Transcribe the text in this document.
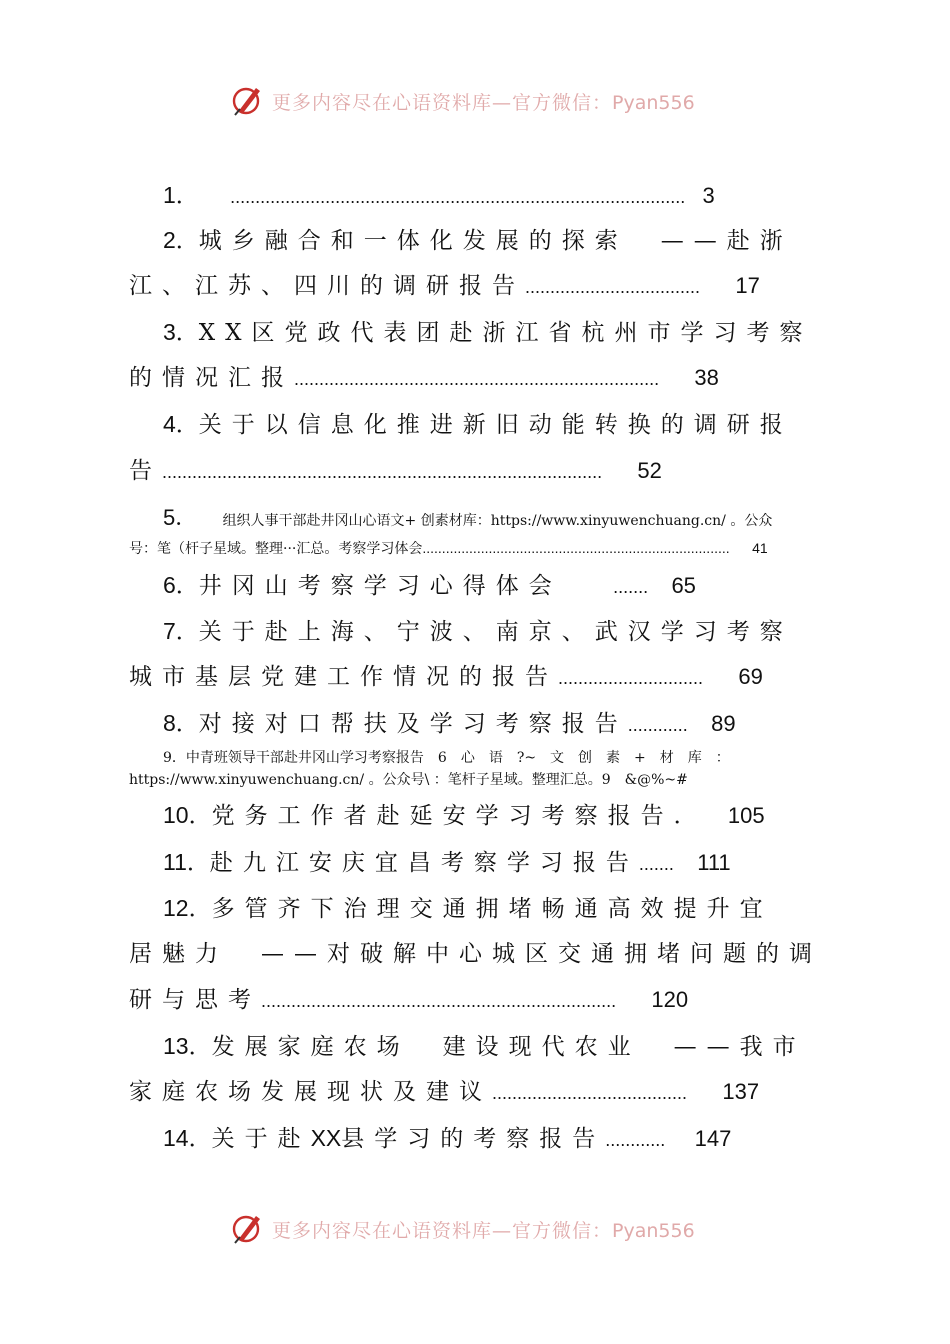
更多内容尽在心语资料库—官方微信：Pyan556
1． ........................................................................................... 3
2．城乡融合和一体化发展的探索　——赴浙
江、江苏、四川的调研报告................................... 17
3．XX区党政代表团赴浙江省杭州市学习考察
的情况汇报......................................................................... 38
4．关于以信息化推进新旧动能转换的调研报
告........................................................................................ 52
5． 组织人事干部赴井冈山心语文+ 创素材库：https://www.xinyuwenchuang.cn/ 。公众
号：笔（杆子星域。整理···汇总。考察学习体会............................................................................... 41
6．井冈山考察学习心得体会	....... 65
7．关于赴上海、宁波、南京、武汉学习考察
城市基层党建工作情况的报告............................. 69
8．对接对口帮扶及学习考察报告............ 89
9．中青班领导干部赴井冈山学习考察报告　6　心　语　?~　文　创　素　+　材　库　：
https://www.xinyuwenchuang.cn/ 。公众号\ ：笔杆子星域。整理汇总。9　&@%~#
10．党务工作者赴延安学习考察报告． 105
11．赴九江安庆宜昌考察学习报告....... 111
12．多管齐下治理交通拥堵畅通高效提升宜
居魅力　——对破解中心城区交通拥堵问题的调
研与思考....................................................................... 120
13．发展家庭农场　建设现代农业　——我市
家庭农场发展现状及建议....................................... 137
14．关于赴XX县学习的考察报告............ 147
更多内容尽在心语资料库—官方微信：Pyan556
